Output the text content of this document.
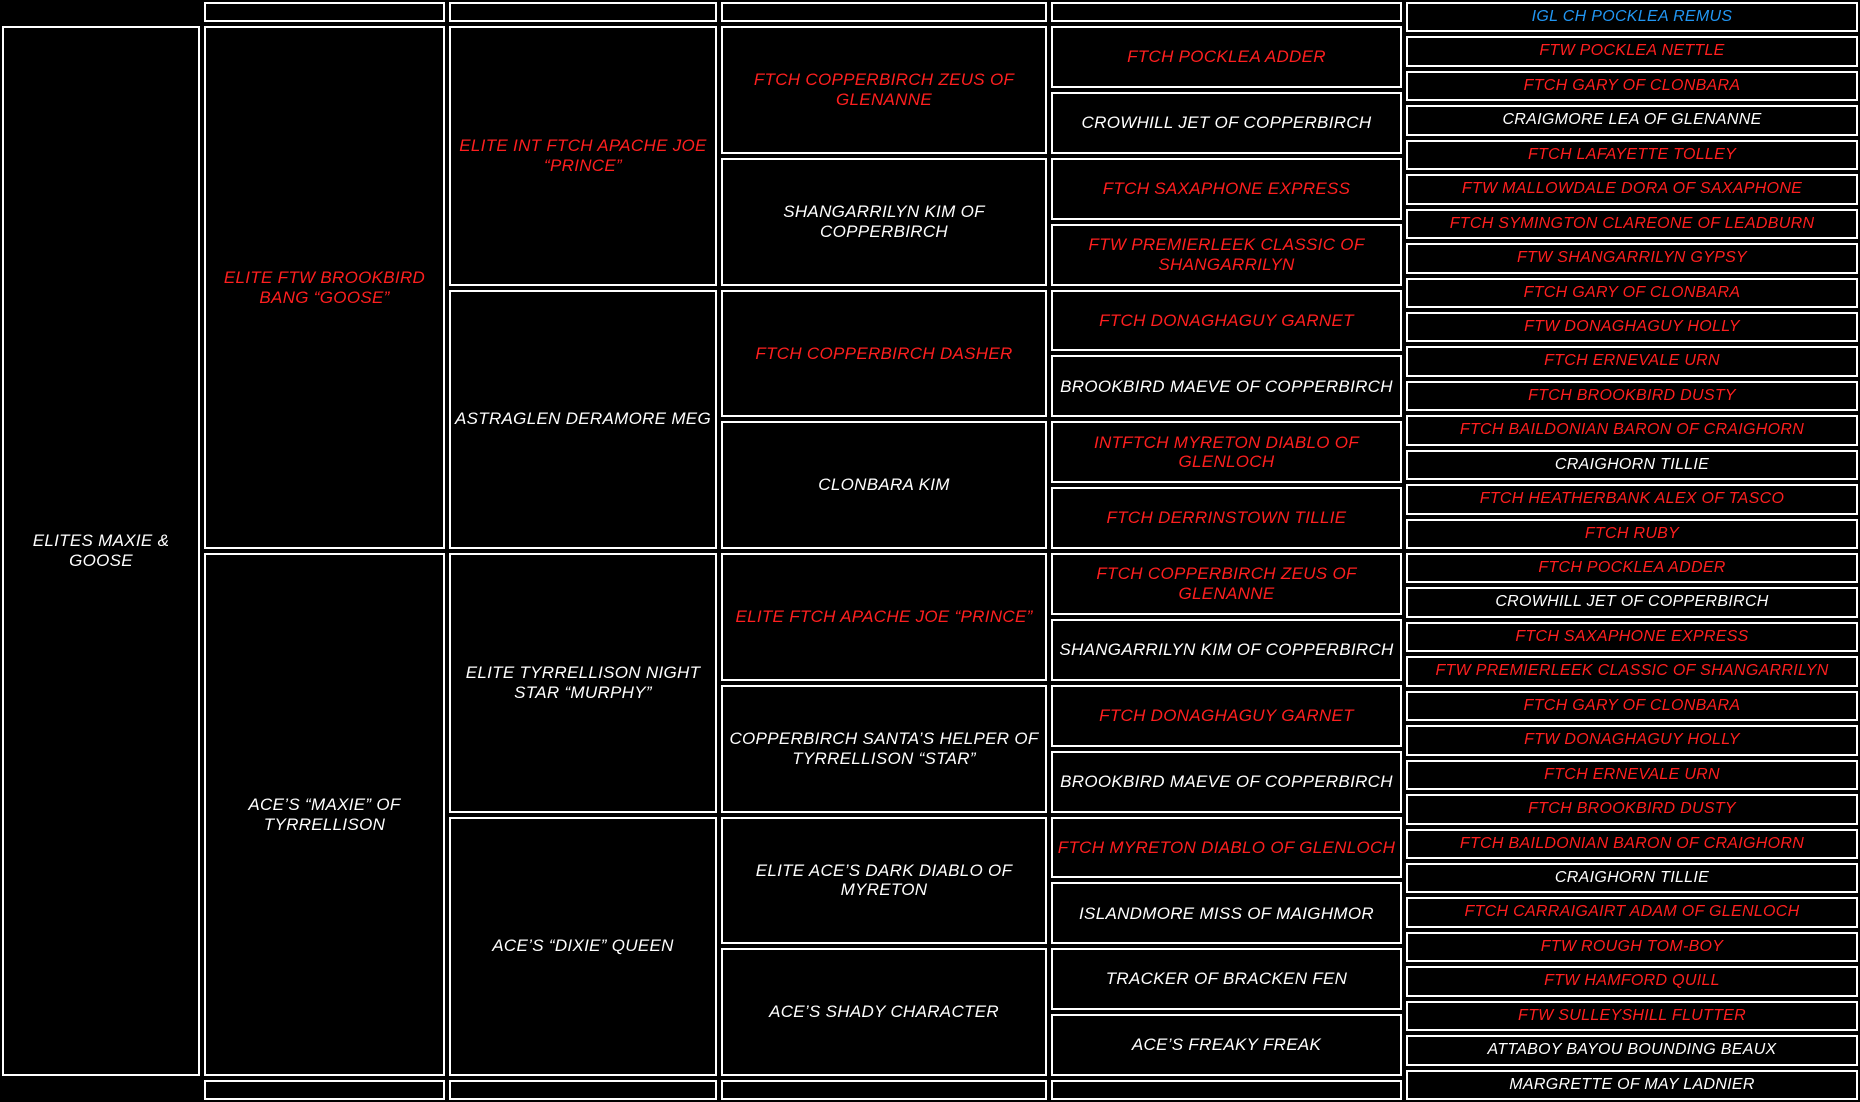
ELITES MAXIE & GOOSE
ELITE FTW BROOKBIRD BANG “GOOSE”
ACE’S “MAXIE” OF TYRRELLISON
ELITE INT FTCH APACHE JOE “PRINCE”
ASTRAGLEN DERAMORE MEG
ELITE TYRRELLISON NIGHT STAR “MURPHY”
ACE’S “DIXIE” QUEEN
FTCH COPPERBIRCH ZEUS OF GLENANNE
SHANGARRILYN KIM OF COPPERBIRCH
FTCH COPPERBIRCH DASHER
CLONBARA KIM
ELITE FTCH APACHE JOE “PRINCE”
COPPERBIRCH SANTA’S HELPER OF TYRRELLISON “STAR”
ELITE ACE’S DARK DIABLO OF MYRETON
ACE’S SHADY CHARACTER
FTCH POCKLEA ADDER
CROWHILL JET OF COPPERBIRCH
FTCH SAXAPHONE EXPRESS
FTW PREMIERLEEK CLASSIC OF SHANGARRILYN
FTCH DONAGHAGUY GARNET
BROOKBIRD MAEVE OF COPPERBIRCH
INTFTCH MYRETON DIABLO OF GLENLOCH
FTCH DERRINSTOWN TILLIE
FTCH COPPERBIRCH ZEUS OF GLENANNE
SHANGARRILYN KIM OF COPPERBIRCH
FTCH DONAGHAGUY GARNET
BROOKBIRD MAEVE OF COPPERBIRCH
FTCH MYRETON DIABLO OF GLENLOCH
ISLANDMORE MISS OF MAIGHMOR
TRACKER OF BRACKEN FEN
ACE’S FREAKY FREAK
IGL CH POCKLEA REMUS
FTW POCKLEA NETTLE
FTCH GARY OF CLONBARA
CRAIGMORE LEA OF GLENANNE
FTCH LAFAYETTE TOLLEY
FTW MALLOWDALE DORA OF SAXAPHONE
FTCH SYMINGTON CLAREONE OF LEADBURN
FTW SHANGARRILYN GYPSY
FTCH GARY OF CLONBARA
FTW DONAGHAGUY HOLLY
FTCH ERNEVALE URN
FTCH BROOKBIRD DUSTY
FTCH BAILDONIAN BARON OF CRAIGHORN
CRAIGHORN TILLIE
FTCH HEATHERBANK ALEX OF TASCO
FTCH RUBY
FTCH POCKLEA ADDER
CROWHILL JET OF COPPERBIRCH
FTCH SAXAPHONE EXPRESS
FTW PREMIERLEEK CLASSIC OF SHANGARRILYN
FTCH GARY OF CLONBARA
FTW DONAGHAGUY HOLLY
FTCH ERNEVALE URN
FTCH BROOKBIRD DUSTY
FTCH BAILDONIAN BARON OF CRAIGHORN
CRAIGHORN TILLIE
FTCH CARRAIGAIRT ADAM OF GLENLOCH
FTW ROUGH TOM-BOY
FTW HAMFORD QUILL
FTW SULLEYSHILL FLUTTER
ATTABOY BAYOU BOUNDING BEAUX
MARGRETTE OF MAY LADNIER
